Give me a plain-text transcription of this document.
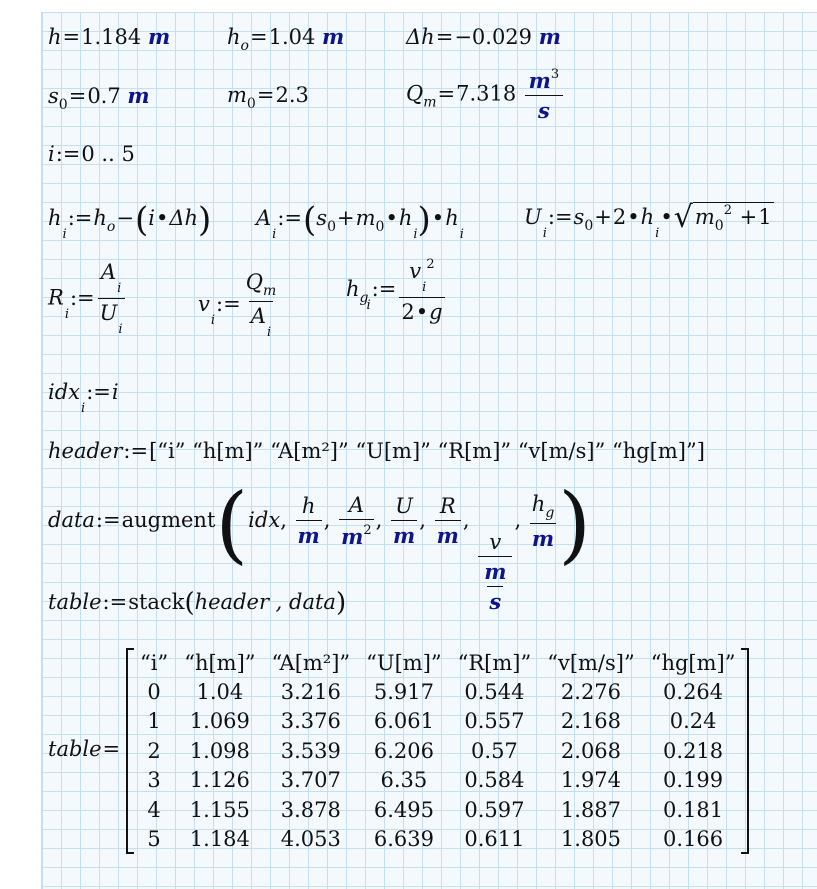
h=1.184 m	$h_o=1.04$ m	Δh=−0.029 m
$s_0=0.7$ m	$m_0=2.3$	$Q_m=7.318 \frac{m^3}{s}$
i:=0 .. 5
$h_i:=h_o-(i•\Delta h)$ $A_i:=(s_0+m_0•h_i)•h_i$
$U_i:=s_0+2•h_i•√m_0^2 +1$
$R_i:= \frac{A_i}{U_i}$	$v_i:= \frac{Q_m}{A_i}$	$h_{gi}:= \frac{v_i^2}{2•g}$
idx$_i$:=i
header:=[“i” “h[m]” “A[m²]” “U[m]” “R[m]” “v[m/s]” “hg[m]”]
data:=augment(idx, $\frac{h}{m}$ , $\frac{A}{m^2}$ , $\frac{U}{m}$ , $\frac{R}{m}$ ,
$\frac{v}{\frac{m}{s}}$
, $\frac{h_g}{m}$ )
table:=stack(header , data)
table=
“i”	“h[m]”	“A[m²]”	“U[m]”	“R[m]”	“v[m/s]”	“hg[m]”
0	1.04	3.216	5.917	0.544	2.276	0.264
1	1.069	3.376	6.061	0.557	2.168	0.24
2	1.098	3.539	6.206	0.57	2.068	0.218
3	1.126	3.707	6.35	0.584	1.974	0.199
4	1.155	3.878	6.495	0.597	1.887	0.181
5	1.184	4.053	6.639	0.611	1.805	0.166
